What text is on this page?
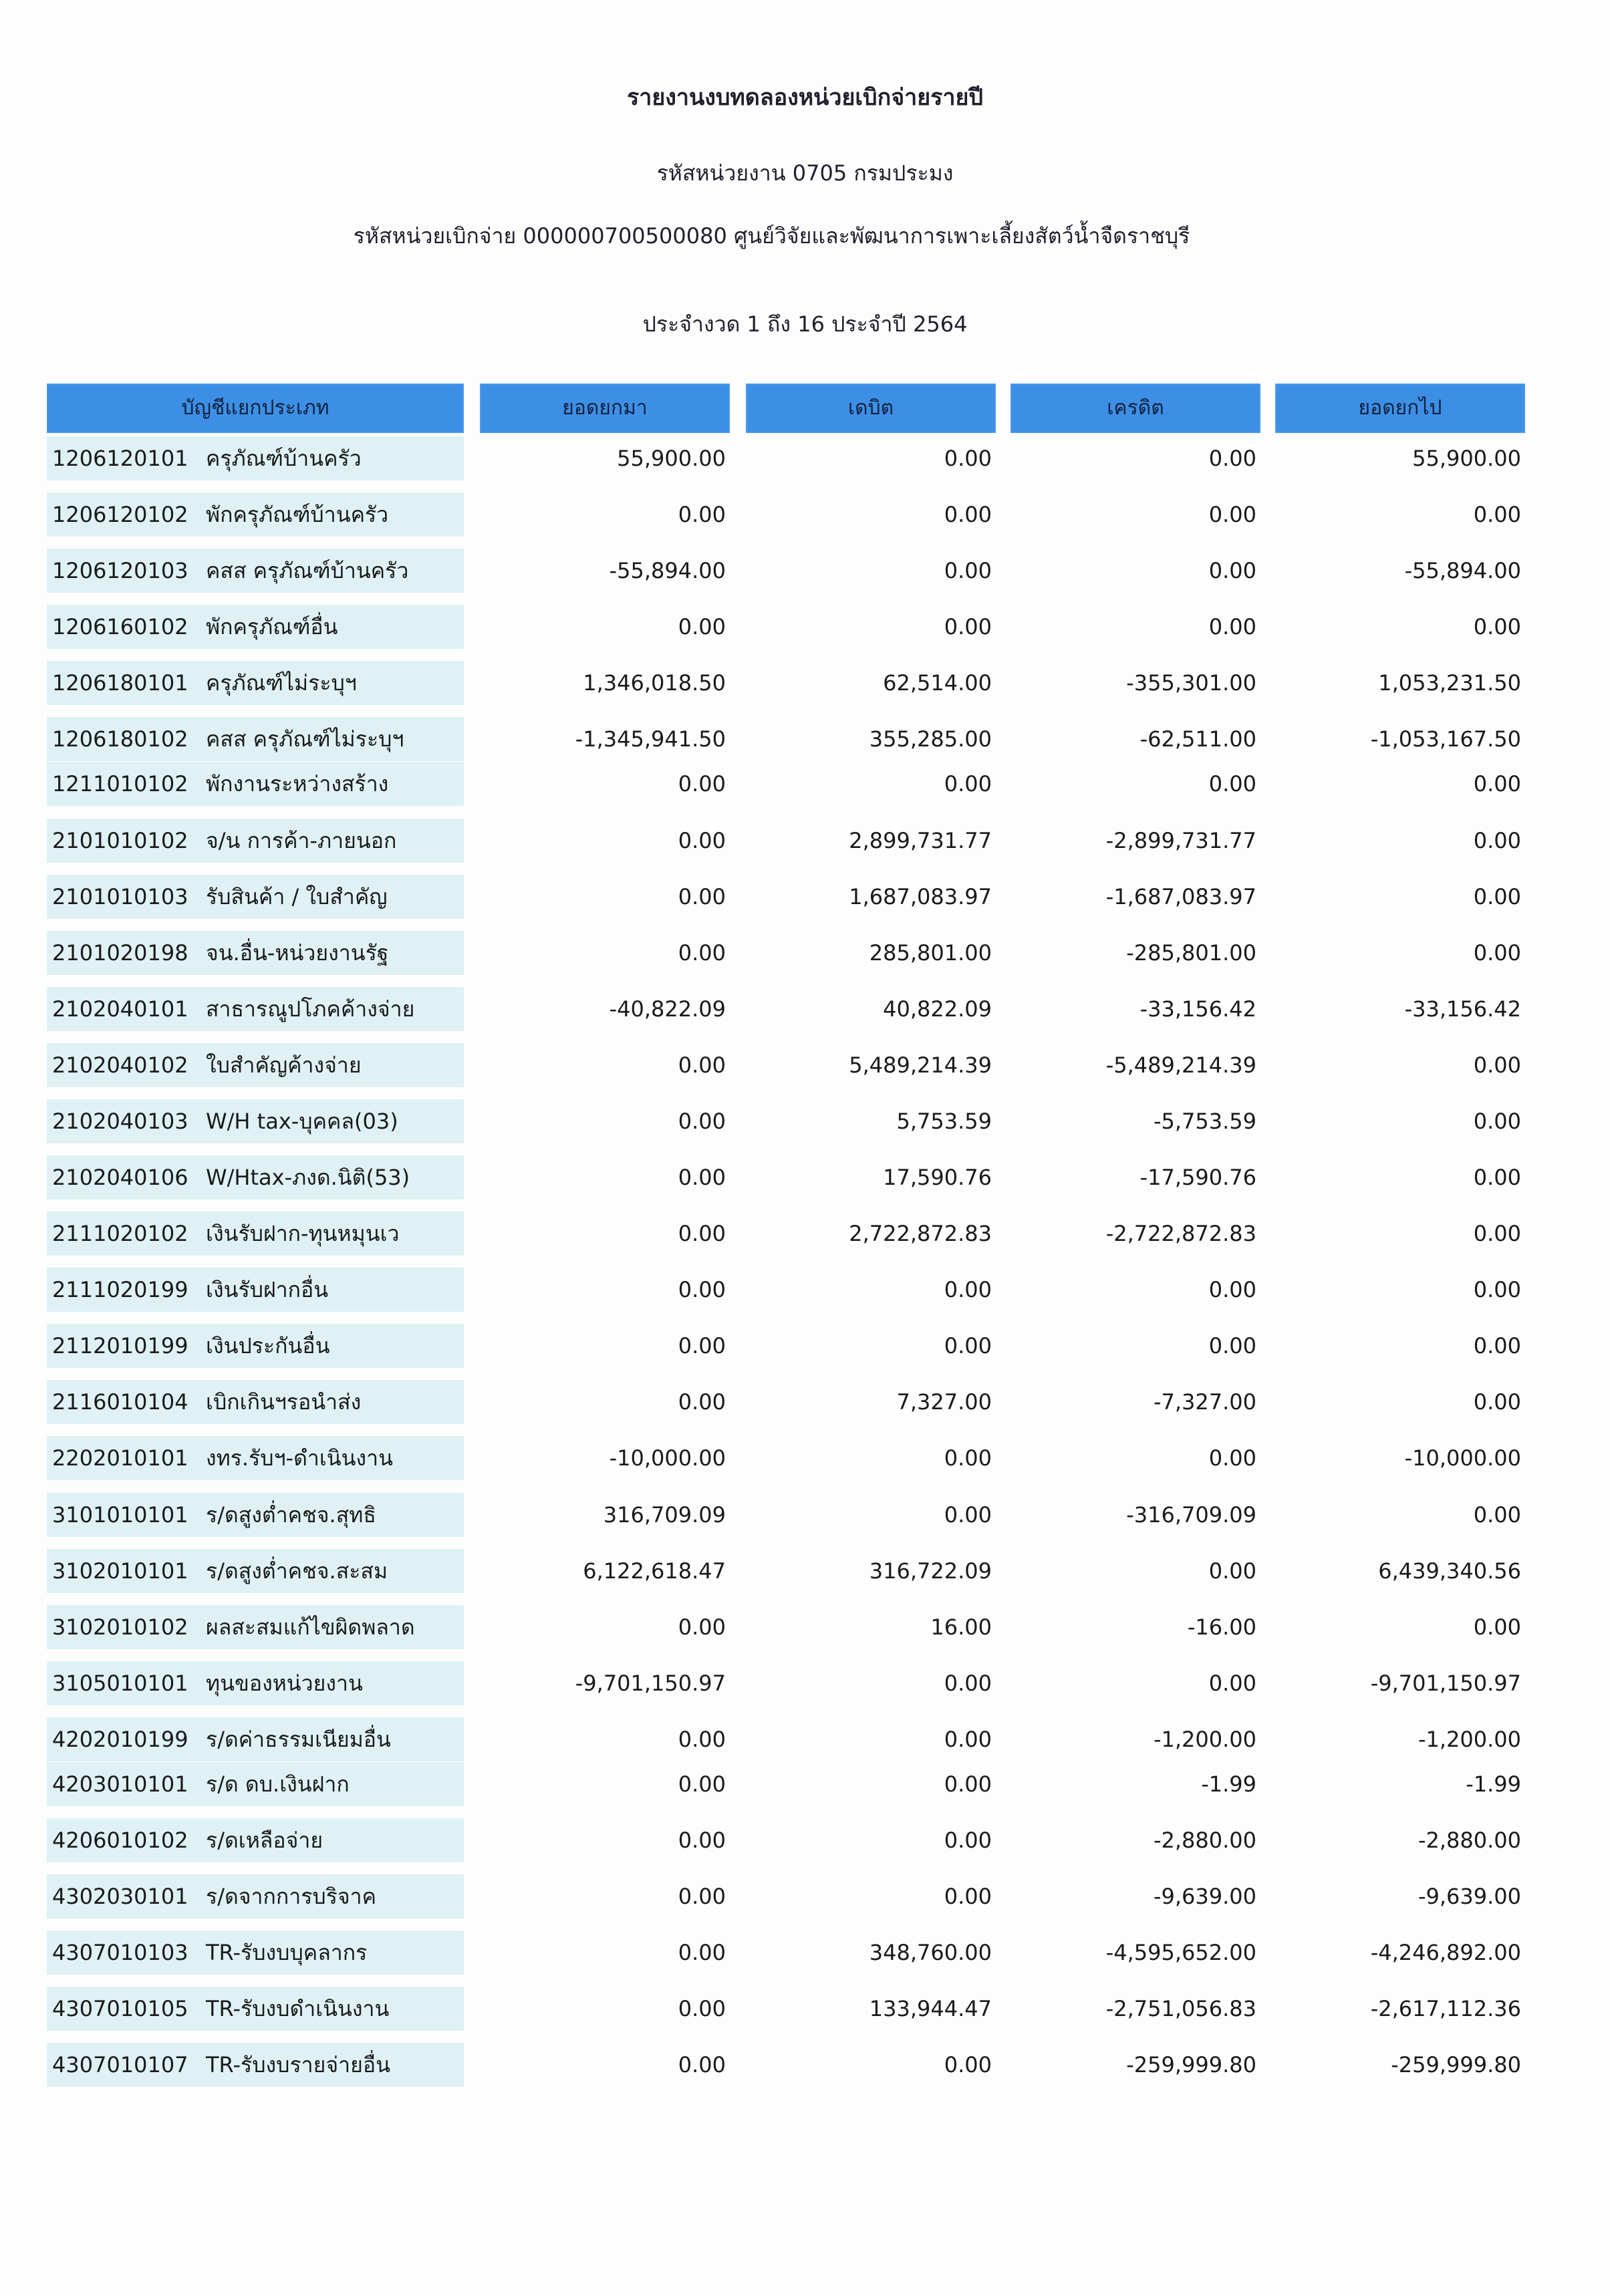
รายงานงบทดลองหน่วยเบิกจ่ายรายปี
รหัสหน่วยงาน 0705 กรมประมง
รหัสหน่วยเบิกจ่าย 000000700500080 ศูนย์วิจัยและพัฒนาการเพาะเลี้ยงสัตว์น้ำจืดราชบุรี
ประจำงวด 1 ถึง 16 ประจำปี 2564
บัญชีแยกประเภท	ยอดยกมา	เดบิต	เครดิต	ยอดยกไป
1206120101 ครุภัณฑ์บ้านครัว	55,900.00	0.00	0.00	55,900.00
1206120102 พักครุภัณฑ์บ้านครัว	0.00	0.00	0.00	0.00
1206120103 คสส ครุภัณฑ์บ้านครัว	-55,894.00	0.00	0.00	-55,894.00
1206160102 พักครุภัณฑ์อื่น	0.00	0.00	0.00	0.00
1206180101 ครุภัณฑ์ไม่ระบุฯ	1,346,018.50	62,514.00	-355,301.00	1,053,231.50
1206180102 คสส ครุภัณฑ์ไม่ระบุฯ	-1,345,941.50	355,285.00	-62,511.00	-1,053,167.50
1211010102 พักงานระหว่างสร้าง	0.00	0.00	0.00	0.00
2101010102 จ/น การค้า-ภายนอก	0.00	2,899,731.77	-2,899,731.77	0.00
2101010103 รับสินค้า / ใบสำคัญ	0.00	1,687,083.97	-1,687,083.97	0.00
2101020198 จน.อื่น-หน่วยงานรัฐ	0.00	285,801.00	-285,801.00	0.00
2102040101 สาธารณูปโภคค้างจ่าย	-40,822.09	40,822.09	-33,156.42	-33,156.42
2102040102 ใบสำคัญค้างจ่าย	0.00	5,489,214.39	-5,489,214.39	0.00
2102040103 W/H tax-บุคคล(03)	0.00	5,753.59	-5,753.59	0.00
2102040106 W/Htax-ภงด.นิติ(53)	0.00	17,590.76	-17,590.76	0.00
2111020102 เงินรับฝาก-ทุนหมุนเว	0.00	2,722,872.83	-2,722,872.83	0.00
2111020199 เงินรับฝากอื่น	0.00	0.00	0.00	0.00
2112010199 เงินประกันอื่น	0.00	0.00	0.00	0.00
2116010104 เบิกเกินฯรอนำส่ง	0.00	7,327.00	-7,327.00	0.00
2202010101 งทร.รับฯ-ดำเนินงาน	-10,000.00	0.00	0.00	-10,000.00
3101010101 ร/ดสูงต่ำคชจ.สุทธิ	316,709.09	0.00	-316,709.09	0.00
3102010101 ร/ดสูงต่ำคชจ.สะสม	6,122,618.47	316,722.09	0.00	6,439,340.56
3102010102 ผลสะสมแก้ไขผิดพลาด	0.00	16.00	-16.00	0.00
3105010101 ทุนของหน่วยงาน	-9,701,150.97	0.00	0.00	-9,701,150.97
4202010199 ร/ดค่าธรรมเนียมอื่น	0.00	0.00	-1,200.00	-1,200.00
4203010101 ร/ด ดบ.เงินฝาก	0.00	0.00	-1.99	-1.99
4206010102 ร/ดเหลือจ่าย	0.00	0.00	-2,880.00	-2,880.00
4302030101 ร/ดจากการบริจาค	0.00	0.00	-9,639.00	-9,639.00
4307010103 TR-รับงบบุคลากร	0.00	348,760.00	-4,595,652.00	-4,246,892.00
4307010105 TR-รับงบดำเนินงาน	0.00	133,944.47	-2,751,056.83	-2,617,112.36
4307010107 TR-รับงบรายจ่ายอื่น	0.00	0.00	-259,999.80	-259,999.80
